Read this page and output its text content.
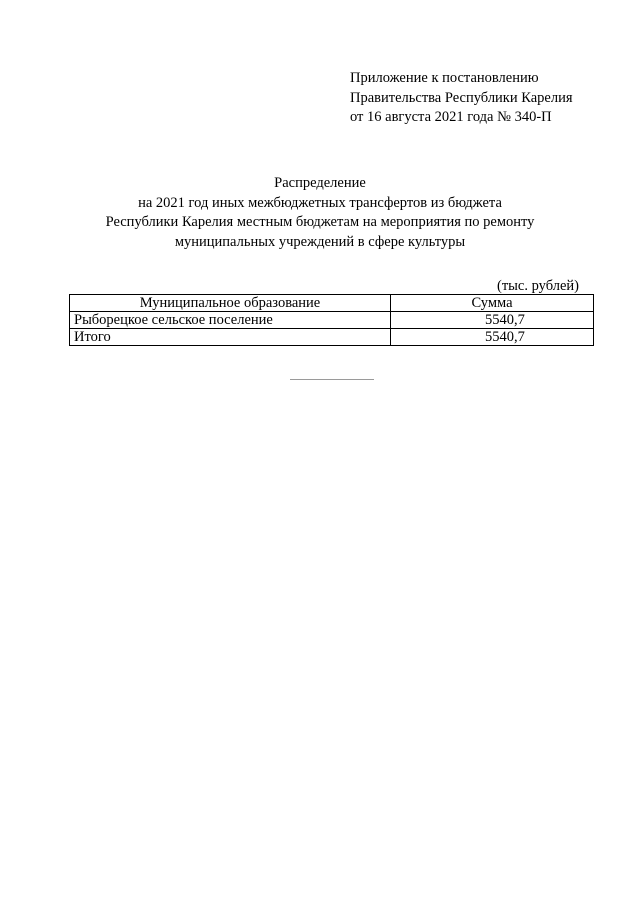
Приложение к постановлению
Правительства Республики Карелия
от 16 августа 2021 года № 340-П
Распределение
на 2021 год иных межбюджетных трансфертов из бюджета
Республики Карелия местным бюджетам на мероприятия по ремонту
муниципальных учреждений в сфере культуры
(тыс. рублей)
Муниципальное образование	Сумма
Рыборецкое сельское поселение	5540,7
Итого	5540,7
